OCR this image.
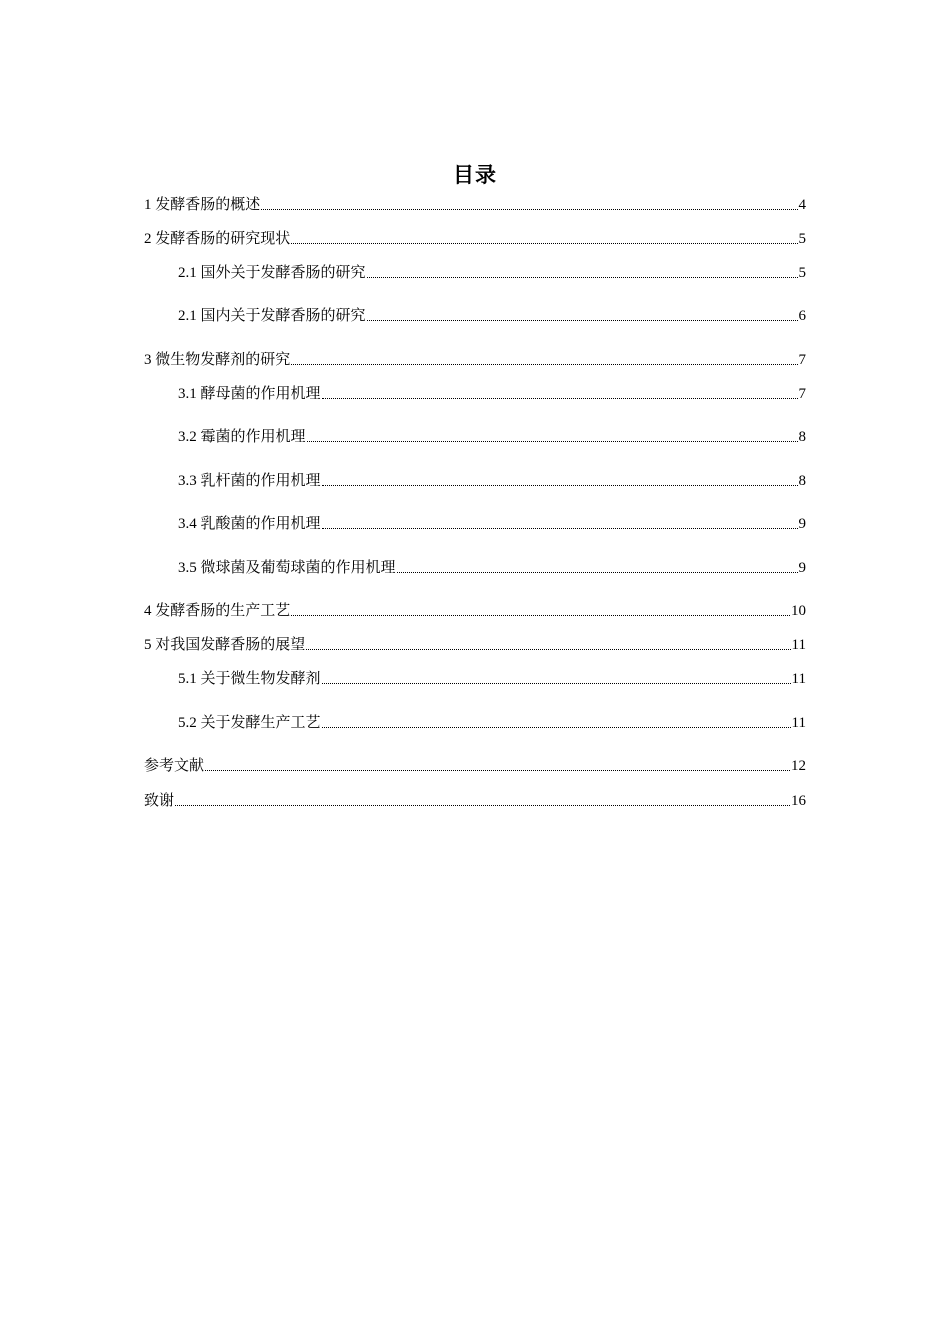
目录
1 发酵香肠的概述	4
2 发酵香肠的研究现状	5
2.1 国外关于发酵香肠的研究	5
2.1 国内关于发酵香肠的研究	6
3 微生物发酵剂的研究	7
3.1 酵母菌的作用机理	7
3.2 霉菌的作用机理	8
3.3 乳杆菌的作用机理	8
3.4 乳酸菌的作用机理	9
3.5 微球菌及葡萄球菌的作用机理	9
4 发酵香肠的生产工艺	10
5 对我国发酵香肠的展望	11
5.1 关于微生物发酵剂	11
5.2 关于发酵生产工艺	11
参考文献	12
致谢	16
